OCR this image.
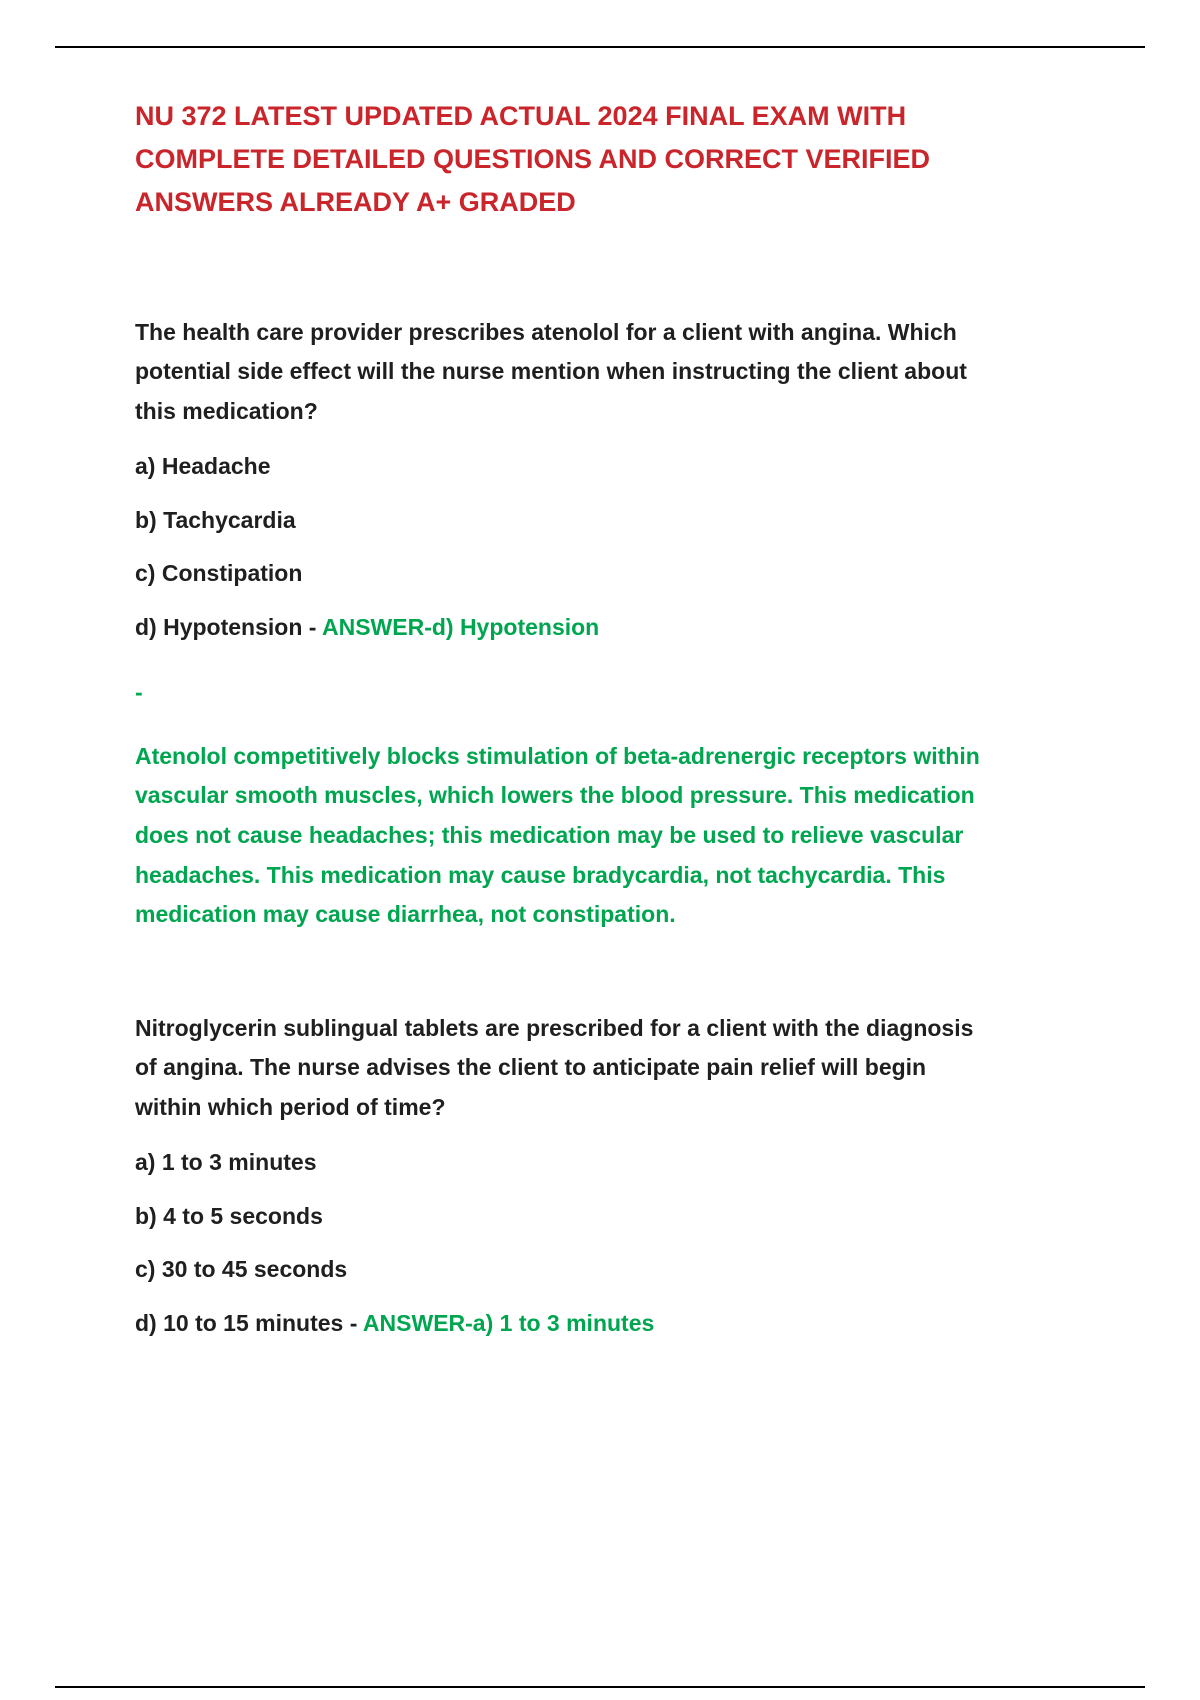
NU 372 LATEST UPDATED ACTUAL 2024 FINAL EXAM WITH COMPLETE DETAILED QUESTIONS AND CORRECT VERIFIED ANSWERS ALREADY A+ GRADED

The health care provider prescribes atenolol for a client with angina. Which potential side effect will the nurse mention when instructing the client about this medication?

a) Headache

b) Tachycardia

c) Constipation

d) Hypotension - ANSWER-d) Hypotension

-

Atenolol competitively blocks stimulation of beta-adrenergic receptors within vascular smooth muscles, which lowers the blood pressure. This medication does not cause headaches; this medication may be used to relieve vascular headaches. This medication may cause bradycardia, not tachycardia. This medication may cause diarrhea, not constipation.

Nitroglycerin sublingual tablets are prescribed for a client with the diagnosis of angina. The nurse advises the client to anticipate pain relief will begin within which period of time?

a) 1 to 3 minutes

b) 4 to 5 seconds

c) 30 to 45 seconds

d) 10 to 15 minutes - ANSWER-a) 1 to 3 minutes
